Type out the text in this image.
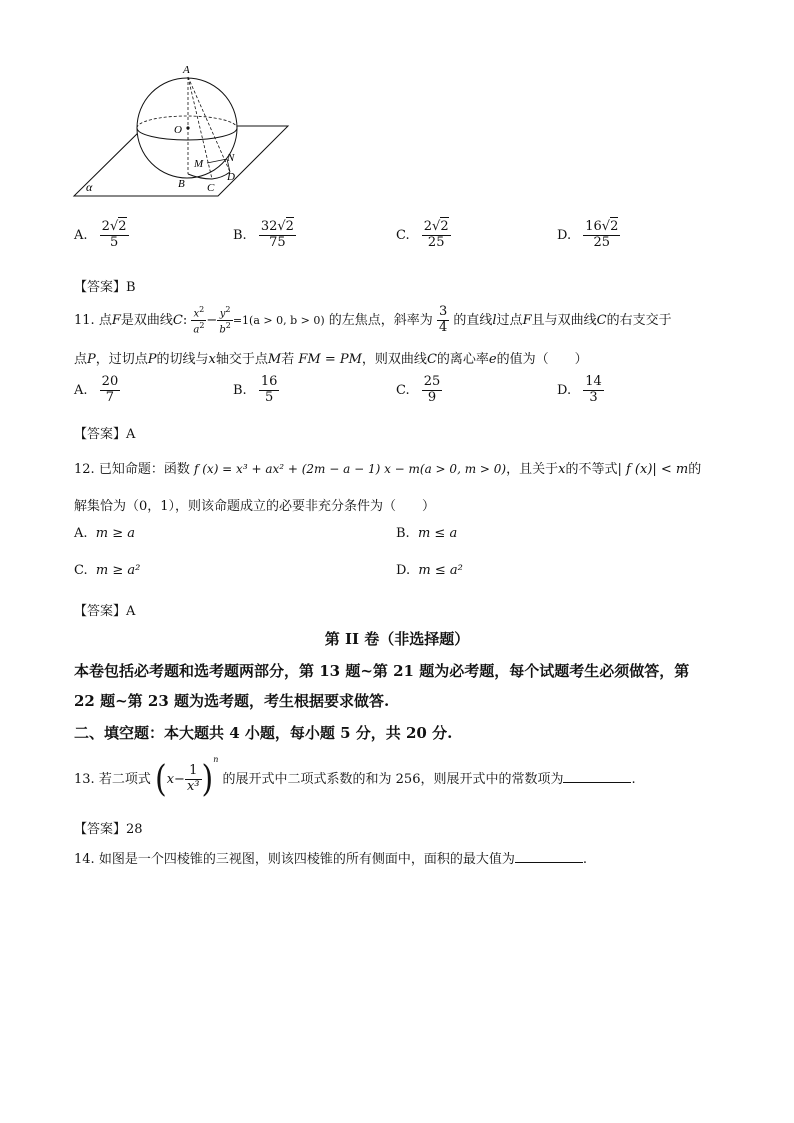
A
O
M N
B C
D
α
A. $\frac{2√2}{5}$	B. $\frac{32√2}{75}$	C. $\frac{2√2}{25}$	D. $\frac{16√2}{25}$
【答案】B
11. 点F是双曲线C: $\frac{x^2}{a^2} - \frac{y^2}{b^2} =1(a > 0$, b > 0) 的左焦点，斜率为 $\frac{3}{4}$ 的直线l过点F且与双曲线C的右支交于
点P，过切点P的切线与x轴交于点M若 FM = PM，则双曲线C的离心率e的值为（　　）
A. $\frac{20}{7}$	B. $\frac{16}{5}$	C. $\frac{25}{9}$	D. $\frac{14}{3}$
【答案】A
12. 已知命题：函数 f (x) = x³ + ax² + (2m − a − 1) x − m(a > 0, m > 0)，且关于x的不等式| f (x)| < m的
解集恰为（0，1），则该命题成立的必要非充分条件为（　　）
A. m ≥ a	B. m ≤ a
C. m ≥ a²	D. m ≤ a²
【答案】A
第 II 卷（非选择题）
本卷包括必考题和选考题两部分，第 13 题~第 21 题为必考题，每个试题考生必须做答，第
22 题~第 23 题为选考题，考生根据要求做答.
二、填空题：本大题共 4 小题，每小题 5 分，共 20 分.
13. 若二项式 $(x- \frac{1}{\text{x³}} )^n$ 的展开式中二项式系数的和为 256，则展开式中的常数项为	.
【答案】28
14. 如图是一个四棱锥的三视图，则该四棱锥的所有侧面中，面积的最大值为	.
